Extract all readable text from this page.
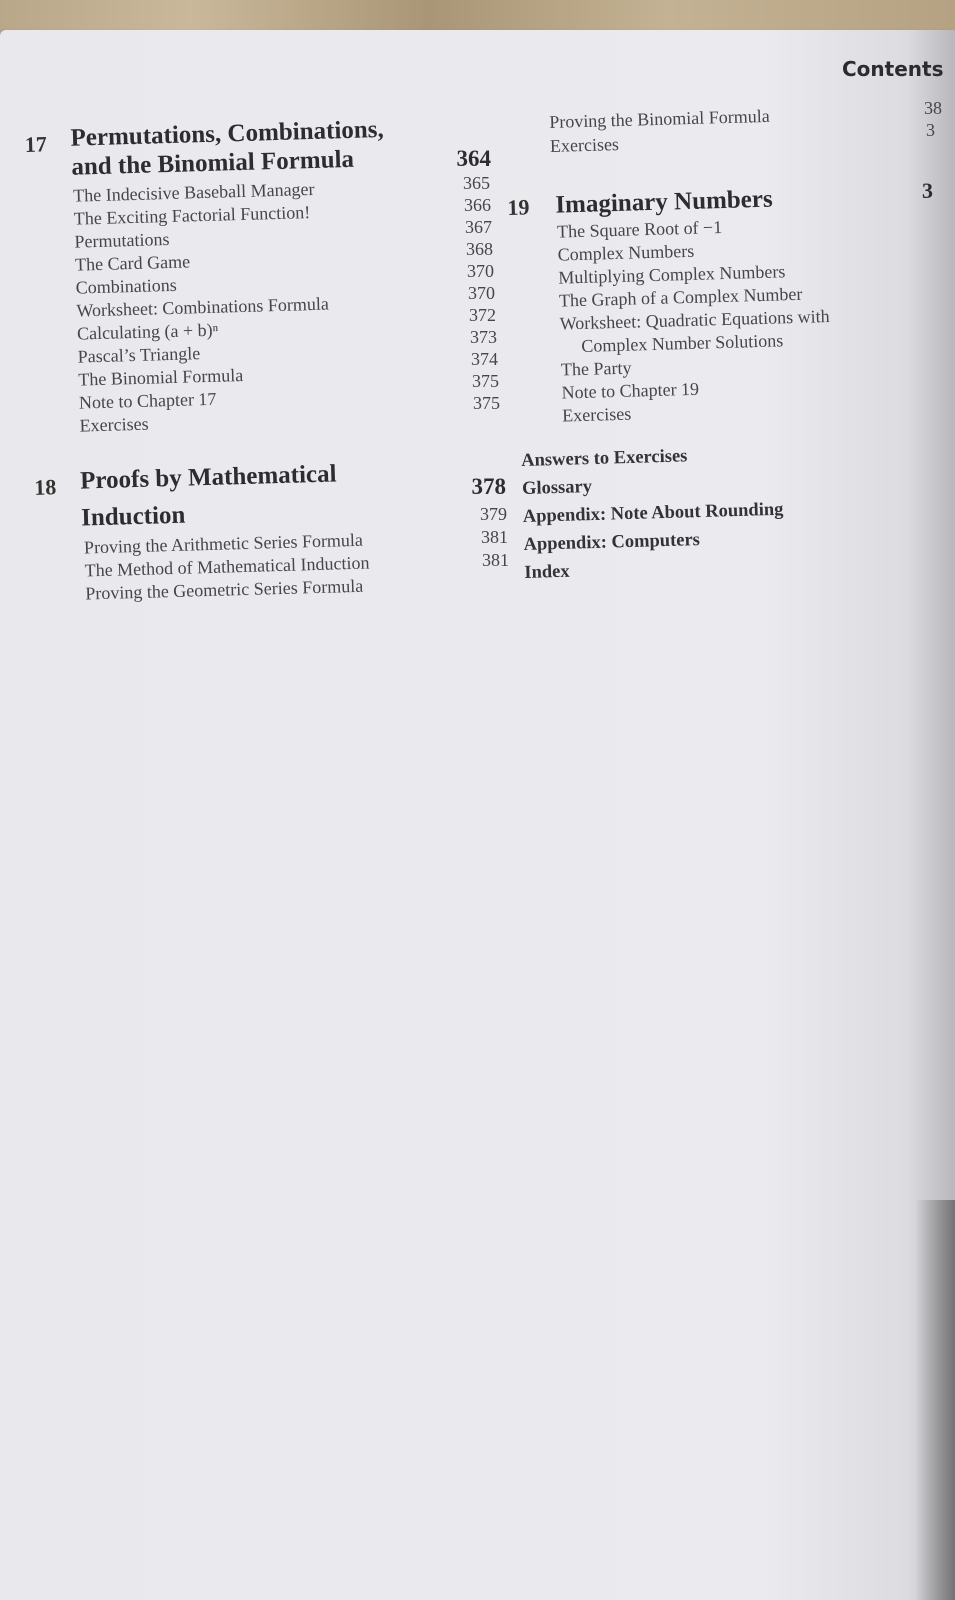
Contents
38
3
3
17 Permutations, Combinations,
and the Binomial Formula
The Indecisive Baseball Manager
The Exciting Factorial Function!
Permutations
The Card Game
Combinations
Worksheet: Combinations Formula
Calculating (a + b)ⁿ
Pascal’s Triangle
The Binomial Formula
Note to Chapter 17
Exercises
18 Proofs by Mathematical
Induction
Proving the Arithmetic Series Formula
The Method of Mathematical Induction
Proving the Geometric Series Formula
364
365
366
367
368
370
370
372
373
374
375
375
378
379
381
381
Proving the Binomial Formula
Exercises
19 Imaginary Numbers
The Square Root of −1
Complex Numbers
Multiplying Complex Numbers
The Graph of a Complex Number
Worksheet: Quadratic Equations with
Complex Number Solutions
The Party
Note to Chapter 19
Exercises
Answers to Exercises
Glossary
Appendix: Note About Rounding
Appendix: Computers
Index
